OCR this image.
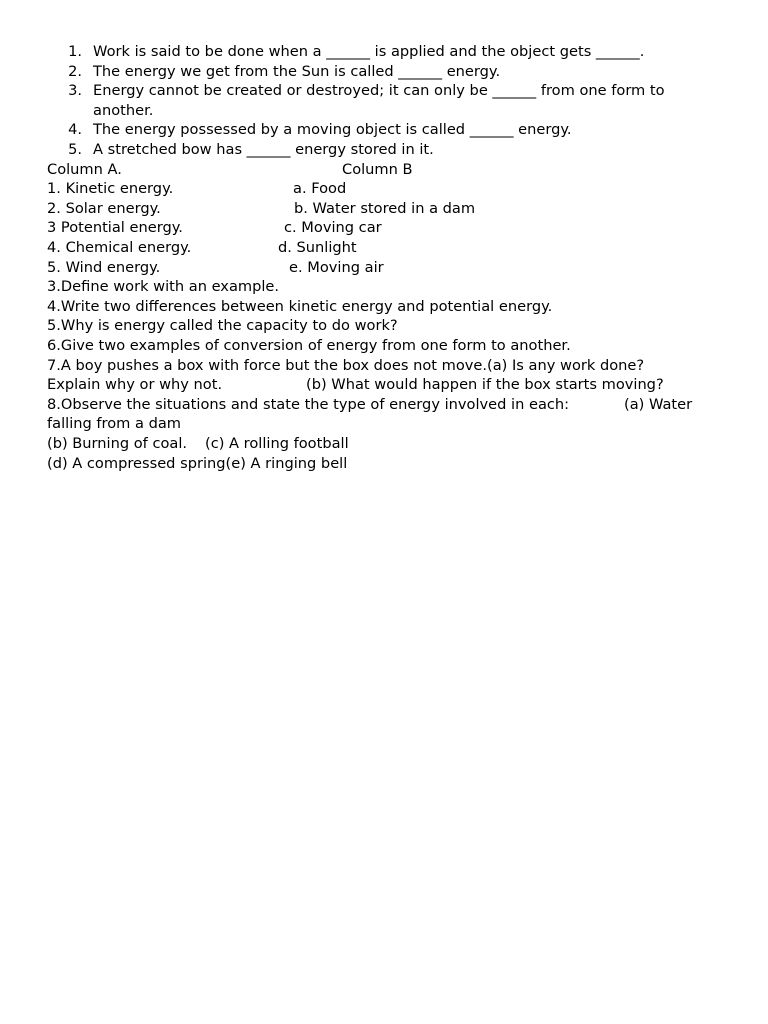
1. Work is said to be done when a ______ is applied and the object gets ______.
2. The energy we get from the Sun is called ______ energy.
3. Energy cannot be created or destroyed; it can only be ______ from one form to
another.
4. The energy possessed by a moving object is called ______ energy.
5. A stretched bow has ______ energy stored in it.
Column A.	Column B
1. Kinetic energy.	a. Food
2. Solar energy.	b. Water stored in a dam
3 Potential energy.	c. Moving car
4. Chemical energy.	d. Sunlight
5. Wind energy.	e. Moving air
3.Define work with an example.
4.Write two differences between kinetic energy and potential energy.
5.Why is energy called the capacity to do work?
6.Give two examples of conversion of energy from one form to another.
7.A boy pushes a box with force but the box does not move.(a) Is any work done?
Explain why or why not.	(b) What would happen if the box starts moving?
8.Observe the situations and state the type of energy involved in each:	(a) Water
falling from a dam
(b) Burning of coal. (c) A rolling football
(d) A compressed spring(e) A ringing bell
